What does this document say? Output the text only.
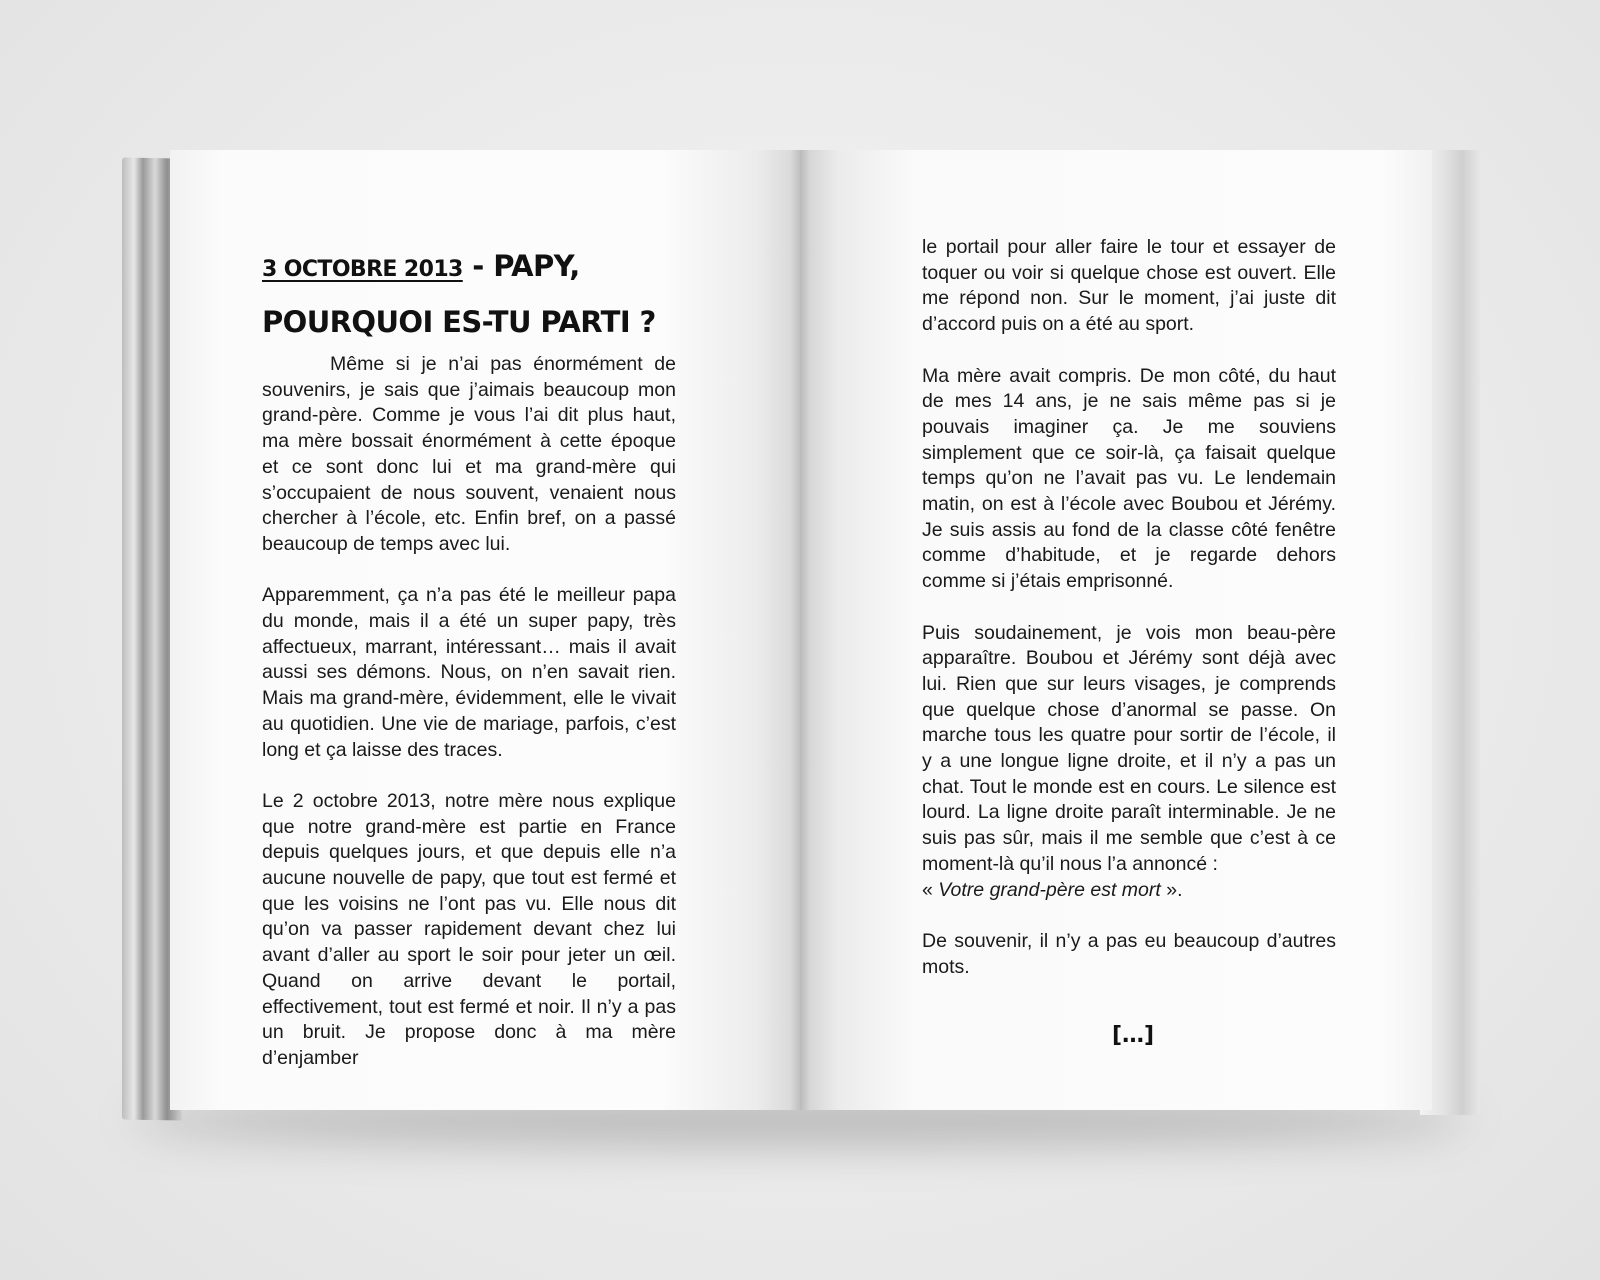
3 OCTOBRE 2013 - PAPY, POURQUOI ES-TU PARTI ?

Même si je n’ai pas énormément de souvenirs, je sais que j’aimais beaucoup mon grand-père. Comme je vous l’ai dit plus haut, ma mère bossait énormément à cette époque et ce sont donc lui et ma grand-mère qui s’occupaient de nous souvent, venaient nous chercher à l’école, etc. Enfin bref, on a passé beaucoup de temps avec lui.

Apparemment, ça n’a pas été le meilleur papa du monde, mais il a été un super papy, très affectueux, marrant, intéressant… mais il avait aussi ses démons. Nous, on n’en savait rien. Mais ma grand-mère, évidemment, elle le vivait au quotidien. Une vie de mariage, parfois, c’est long et ça laisse des traces.

Le 2 octobre 2013, notre mère nous explique que notre grand-mère est partie en France depuis quelques jours, et que depuis elle n’a aucune nouvelle de papy, que tout est fermé et que les voisins ne l’ont pas vu. Elle nous dit qu’on va passer rapidement devant chez lui avant d’aller au sport le soir pour jeter un œil. Quand on arrive devant le portail, effectivement, tout est fermé et noir. Il n’y a pas un bruit. Je propose donc à ma mère d’enjamber

le portail pour aller faire le tour et essayer de toquer ou voir si quelque chose est ouvert. Elle me répond non. Sur le moment, j’ai juste dit d’accord puis on a été au sport.

Ma mère avait compris. De mon côté, du haut de mes 14 ans, je ne sais même pas si je pouvais imaginer ça. Je me souviens simplement que ce soir-là, ça faisait quelque temps qu’on ne l’avait pas vu. Le lendemain matin, on est à l’école avec Boubou et Jérémy. Je suis assis au fond de la classe côté fenêtre comme d’habitude, et je regarde dehors comme si j’étais emprisonné.

Puis soudainement, je vois mon beau-père apparaître. Boubou et Jérémy sont déjà avec lui. Rien que sur leurs visages, je comprends que quelque chose d’anormal se passe. On marche tous les quatre pour sortir de l’école, il y a une longue ligne droite, et il n’y a pas un chat. Tout le monde est en cours. Le silence est lourd. La ligne droite paraît interminable. Je ne suis pas sûr, mais il me semble que c’est à ce moment-là qu’il nous l’a annoncé :

« Votre grand-père est mort ».

De souvenir, il n’y a pas eu beaucoup d’autres mots.

[…]
